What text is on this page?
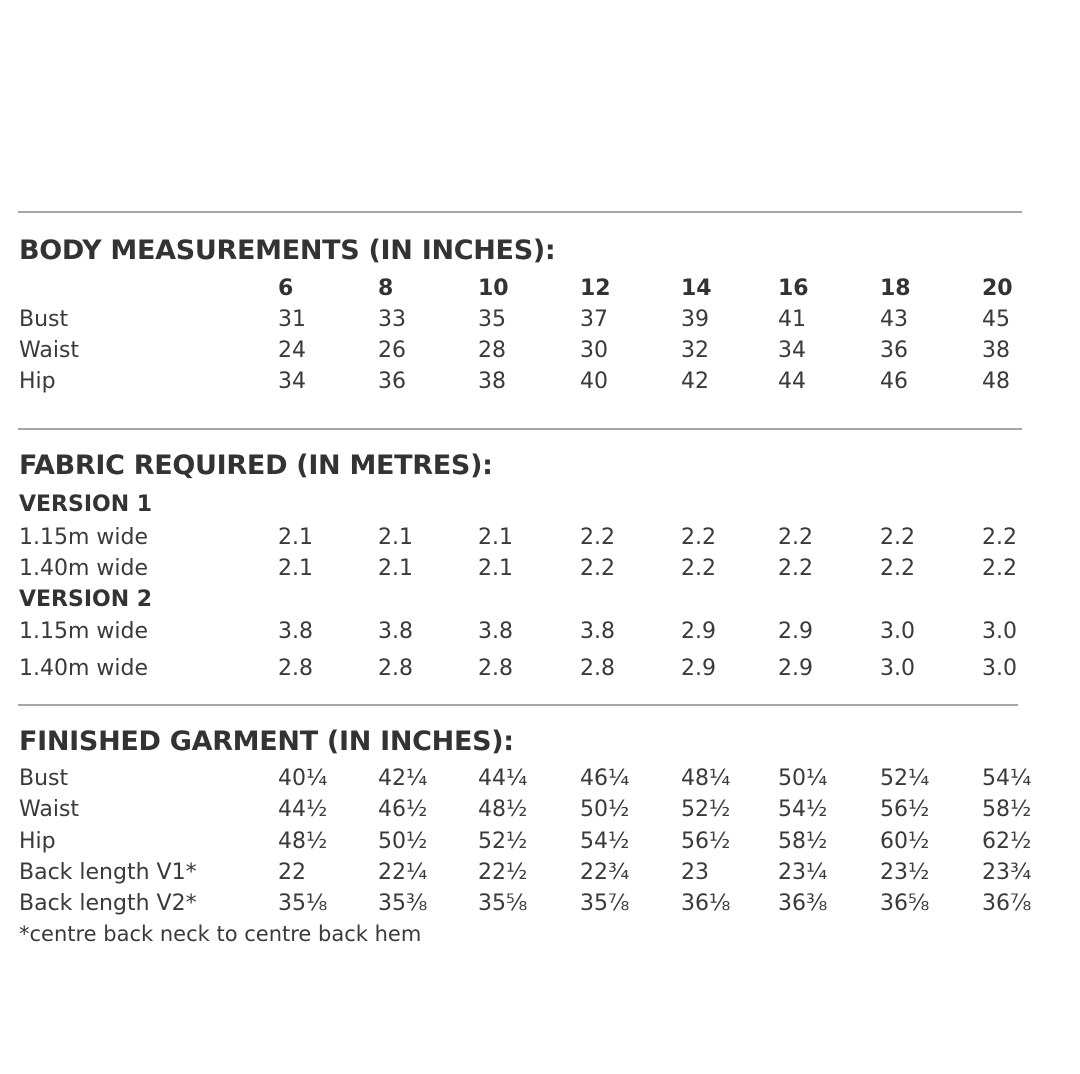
BODY MEASUREMENTS (IN INCHES):
6	8	10	12	14	16	18	20
Bust	31	33	35	37	39	41	43	45
Waist	24	26	28	30	32	34	36	38
Hip	34	36	38	40	42	44	46	48
FABRIC REQUIRED (IN METRES):
VERSION 1
1.15m wide	2.1	2.1	2.1	2.2	2.2	2.2	2.2	2.2
1.40m wide	2.1	2.1	2.1	2.2	2.2	2.2	2.2	2.2
VERSION 2
1.15m wide	3.8	3.8	3.8	3.8	2.9	2.9	3.0	3.0
1.40m wide	2.8	2.8	2.8	2.8	2.9	2.9	3.0	3.0
FINISHED GARMENT (IN INCHES):
Bust	40¼ 42¼ 44¼ 46¼ 48¼ 50¼ 52¼ 54¼
Waist	44½ 46½ 48½ 50½ 52½ 54½ 56½ 58½
Hip	48½ 50½ 52½ 54½ 56½ 58½ 60½ 62½
Back length V1*	22	22¼ 22½ 22¾ 23	23¼ 23½ 23¾
Back length V2*	35⅛ 35⅜ 35⅝ 35⅞ 36⅛ 36⅜ 36⅝ 36⅞
*centre back neck to centre back hem
